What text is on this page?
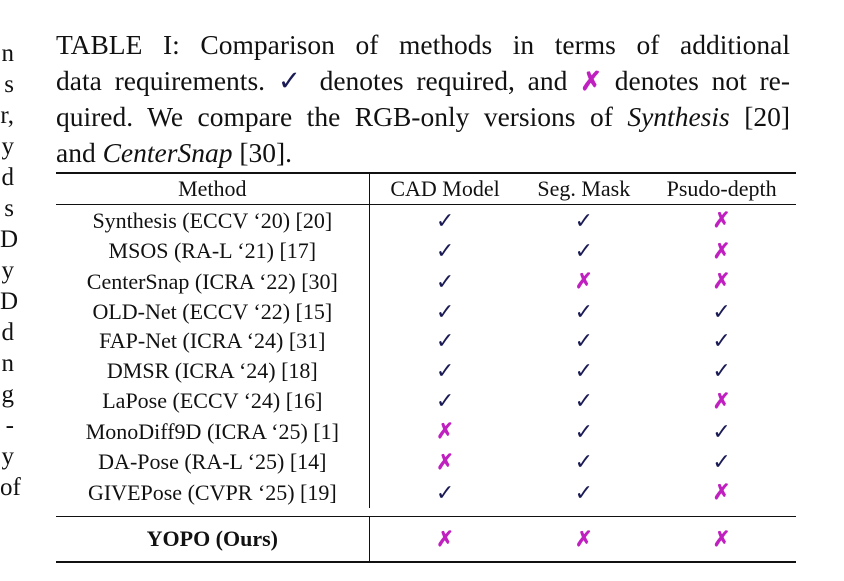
n
s
r,
y
d
s
D
y
D
d
n
g
-
y
of
TABLE I: Comparison of methods in terms of additional
data requirements. ✓ denotes required, and ✗ denotes not re-
quired. We compare the RGB-only versions of Synthesis [20]
and CenterSnap [30].
Method	CAD Model	Seg. Mask	Psudo-depth
Synthesis (ECCV ‘20) [20]	✓	✓	✗
MSOS (RA-L ‘21) [17]	✓	✓	✗
CenterSnap (ICRA ‘22) [30]	✓	✗	✗
OLD-Net (ECCV ‘22) [15]	✓	✓	✓
FAP-Net (ICRA ‘24) [31]	✓	✓	✓
DMSR (ICRA ‘24) [18]	✓	✓	✓
LaPose (ECCV ‘24) [16]	✓	✓	✗
MonoDiff9D (ICRA ‘25) [1]	✗	✓	✓
DA-Pose (RA-L ‘25) [14]	✗	✓	✓
GIVEPose (CVPR ‘25) [19]	✓	✓	✗

YOPO (Ours)	✗	✗	✗
